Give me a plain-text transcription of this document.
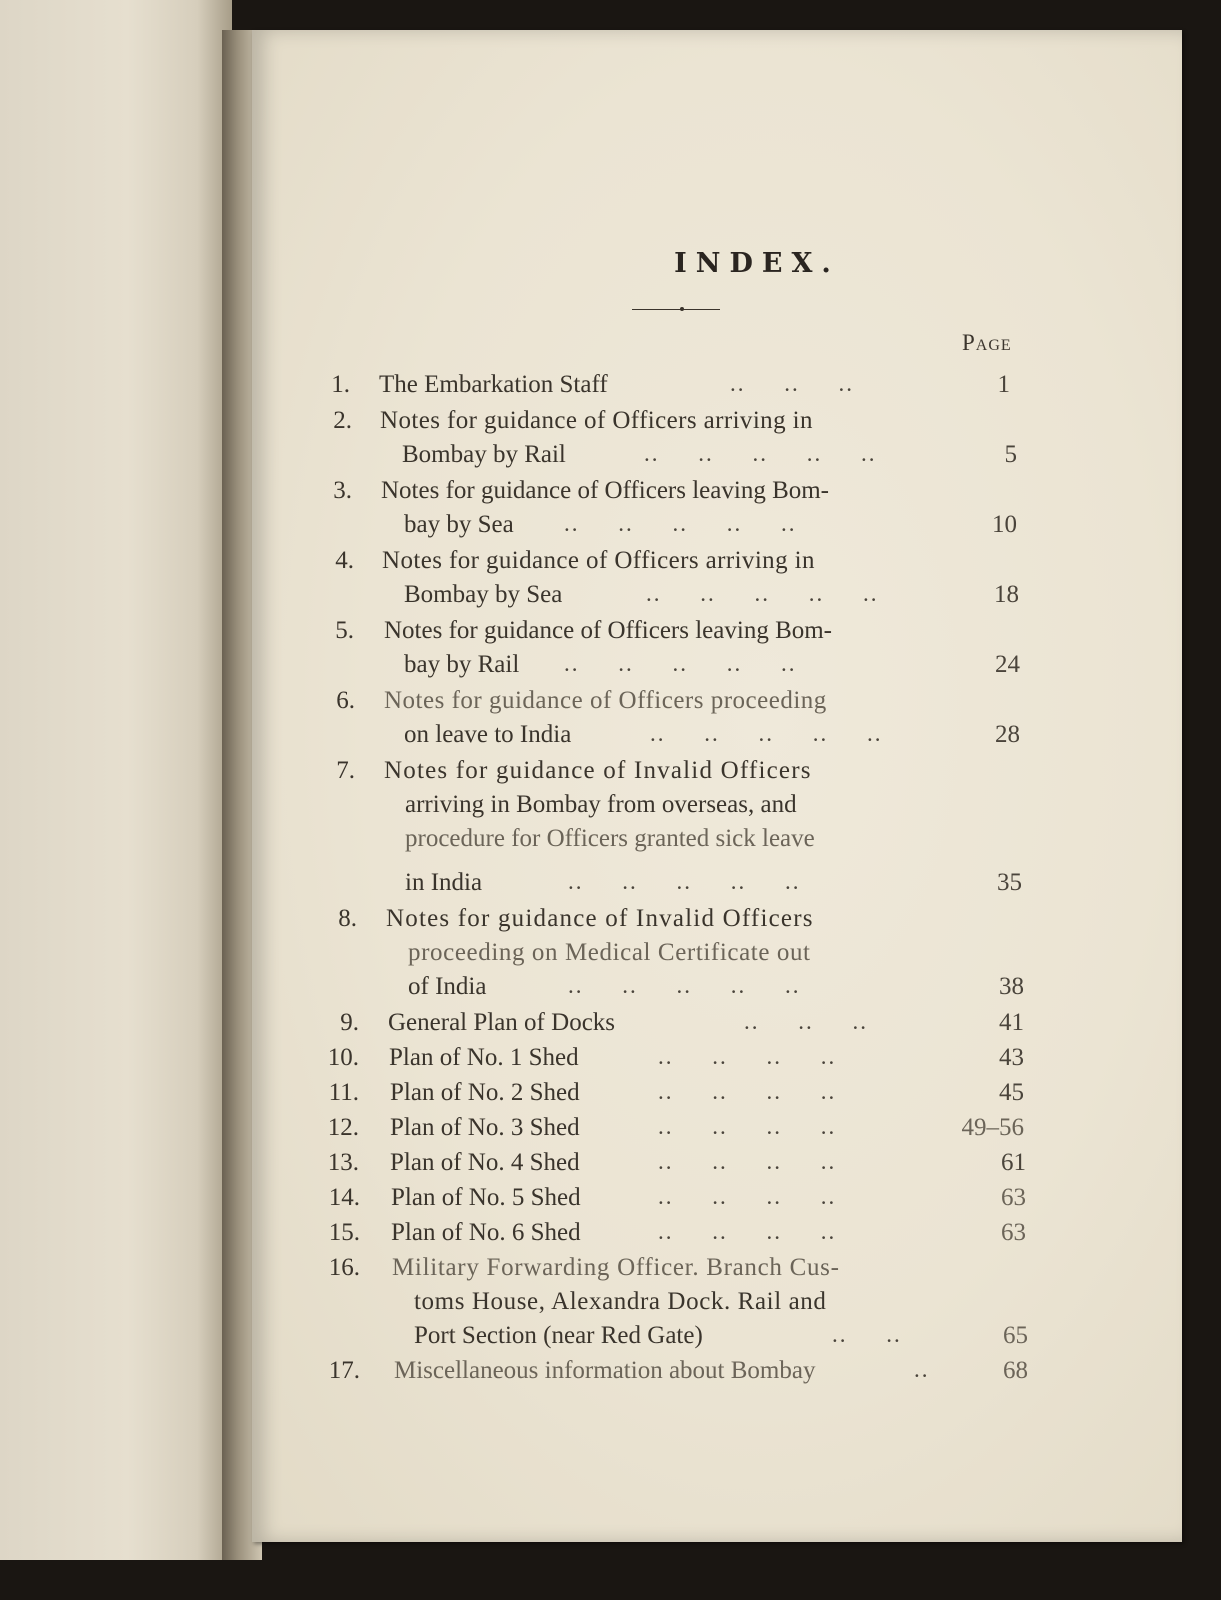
INDEX.
Page
1. The Embarkation Staff	..     ..     ..	1
2. Notes for guidance of Officers arriving in
Bombay by Rail	..     ..     ..     ..     ..	5
3. Notes for guidance of Officers leaving Bom-
bay by Sea ..     ..     ..     ..     ..	10
4. Notes for guidance of Officers arriving in
Bombay by Sea	..     ..     ..     ..     ..	18
5. Notes for guidance of Officers leaving Bom-
bay by Rail ..     ..     ..     ..     ..	24
6. Notes for guidance of Officers proceeding
on leave to India	..     ..     ..     ..     ..	28
7. Notes for guidance of Invalid Officers
arriving in Bombay from overseas, and
procedure for Officers granted sick leave
in India	..     ..     ..     ..     ..	35
8. Notes for guidance of Invalid Officers
proceeding on Medical Certificate out
of India	..     ..     ..     ..     ..	38
9. General Plan of Docks	..     ..     ..	41
10. Plan of No. 1 Shed	..     ..     ..     ..	43
11. Plan of No. 2 Shed	..     ..     ..     ..	45
12. Plan of No. 3 Shed	..     ..     ..     ..	49–56
13. Plan of No. 4 Shed	..     ..     ..     ..	61
14. Plan of No. 5 Shed	..     ..     ..     ..	63
15. Plan of No. 6 Shed	..     ..     ..     ..	63
16. Military Forwarding Officer. Branch Cus-
toms House, Alexandra Dock. Rail and
Port Section (near Red Gate)	..     ..	65
17. Miscellaneous information about Bombay	..	68
